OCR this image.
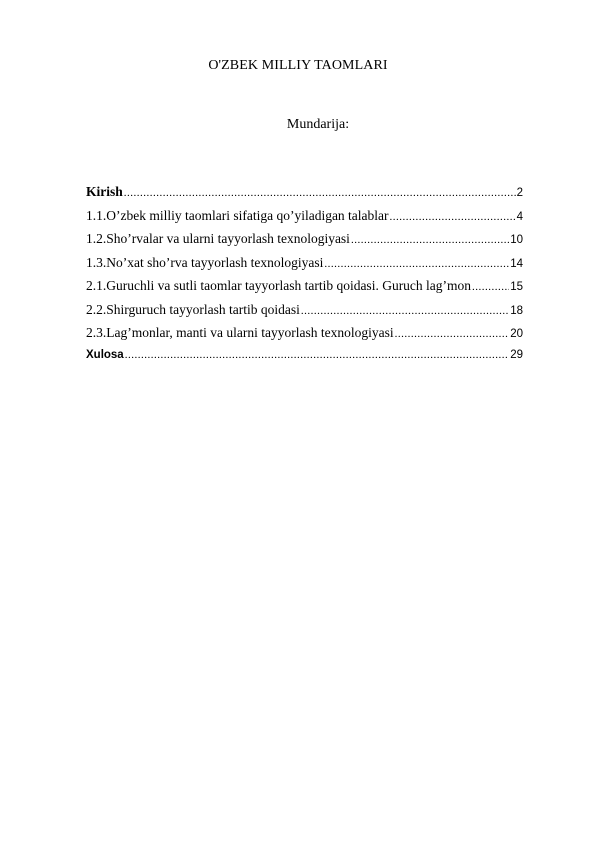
O'ZBEK MILLIY TAOMLARI
Mundarija:
Kirish .....	2
1.1.O’zbek milliy taomlari sifatiga qo’yiladigan talablar .....	4
1.2.Sho’rvalar va ularni tayyorlash texnologiyasi .....	10
1.3.No’xat sho’rva tayyorlash texnologiyasi .....	14
2.1.Guruchli va sutli taomlar tayyorlash tartib qoidasi. Guruch lag’mon .....	15
2.2.Shirguruch tayyorlash tartib qoidasi .....	18
2.3.Lag’monlar, manti va ularni tayyorlash texnologiyasi .....	20
Xulosa .....	29
